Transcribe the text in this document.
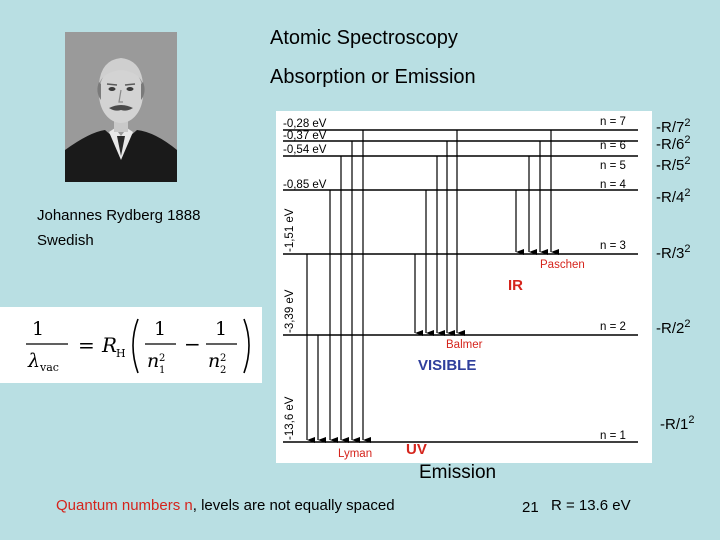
Atomic Spectroscopy
Absorption or Emission
Johannes Rydberg 1888
Swedish
1
λ vac
= R
H
1
n 2
1
−
1
n 2
2
-0,28 eV
-0,37 eV
-0,54 eV
-0,85 eV
-1,51 eV
-3,39 eV
-13,6 eV
n = 7
n = 6
n = 5
n = 4
n = 3
n = 2
n = 1
Lyman
Balmer
Paschen
UV
VISIBLE
IR
$-R/7^2$
$-R/6^2$
$-R/5^2$
$-R/4^2$
$-R/3^2$
$-R/2^2$
$-R/1^2$
Emission
Quantum numbers n, levels are not equally spaced	21 R = 13.6 eV
